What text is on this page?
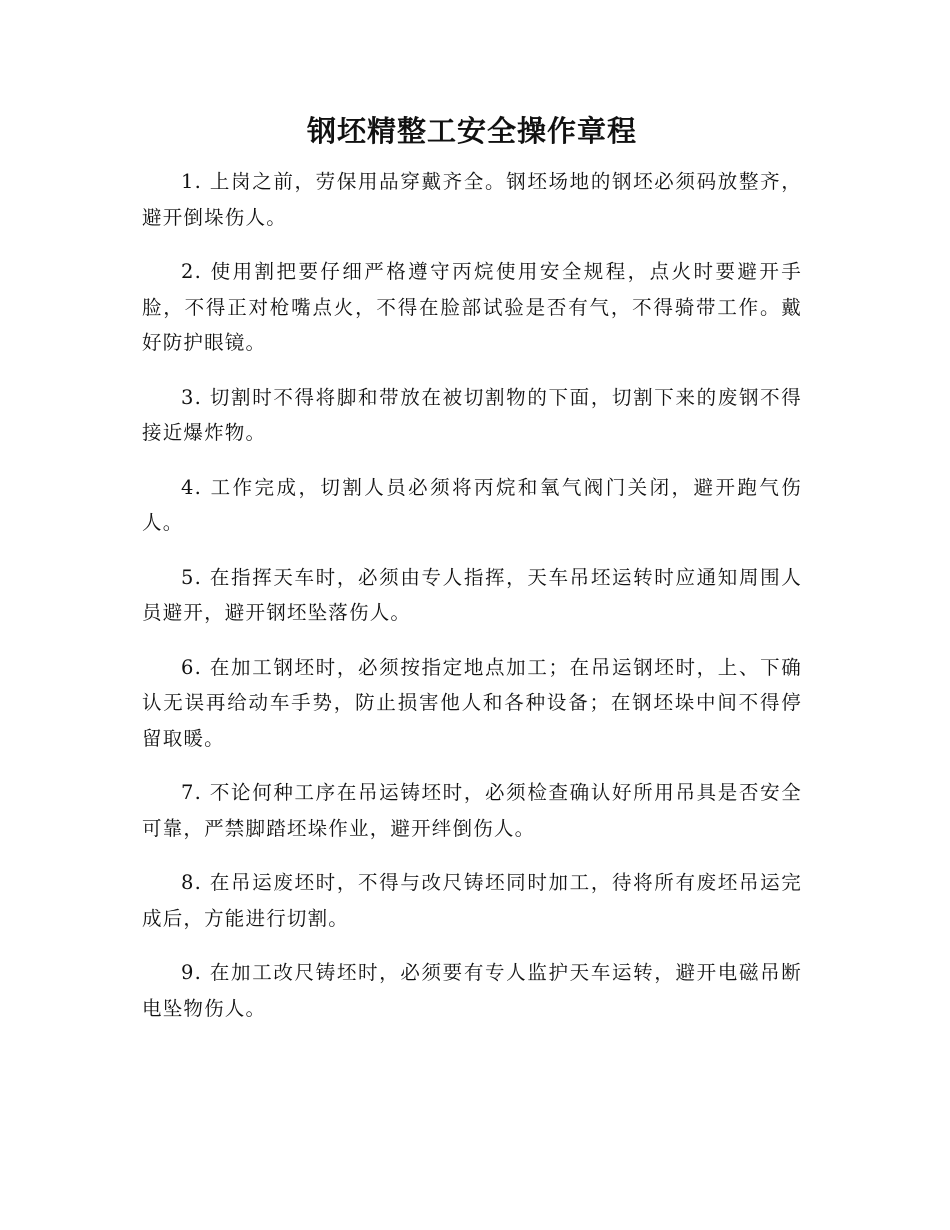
钢坯精整工安全操作章程

1. 上岗之前，劳保用品穿戴齐全。钢坯场地的钢坯必须码放整齐，避开倒垛伤人。

2. 使用割把要仔细严格遵守丙烷使用安全规程，点火时要避开手脸，不得正对枪嘴点火，不得在脸部试验是否有气，不得骑带工作。戴好防护眼镜。

3. 切割时不得将脚和带放在被切割物的下面，切割下来的废钢不得接近爆炸物。

4. 工作完成，切割人员必须将丙烷和氧气阀门关闭，避开跑气伤人。

5. 在指挥天车时，必须由专人指挥，天车吊坯运转时应通知周围人员避开，避开钢坯坠落伤人。

6. 在加工钢坯时，必须按指定地点加工；在吊运钢坯时，上、下确认无误再给动车手势，防止损害他人和各种设备；在钢坯垛中间不得停留取暖。

7. 不论何种工序在吊运铸坯时，必须检查确认好所用吊具是否安全可靠，严禁脚踏坯垛作业，避开绊倒伤人。

8. 在吊运废坯时，不得与改尺铸坯同时加工，待将所有废坯吊运完成后，方能进行切割。

9. 在加工改尺铸坯时，必须要有专人监护天车运转，避开电磁吊断电坠物伤人。
